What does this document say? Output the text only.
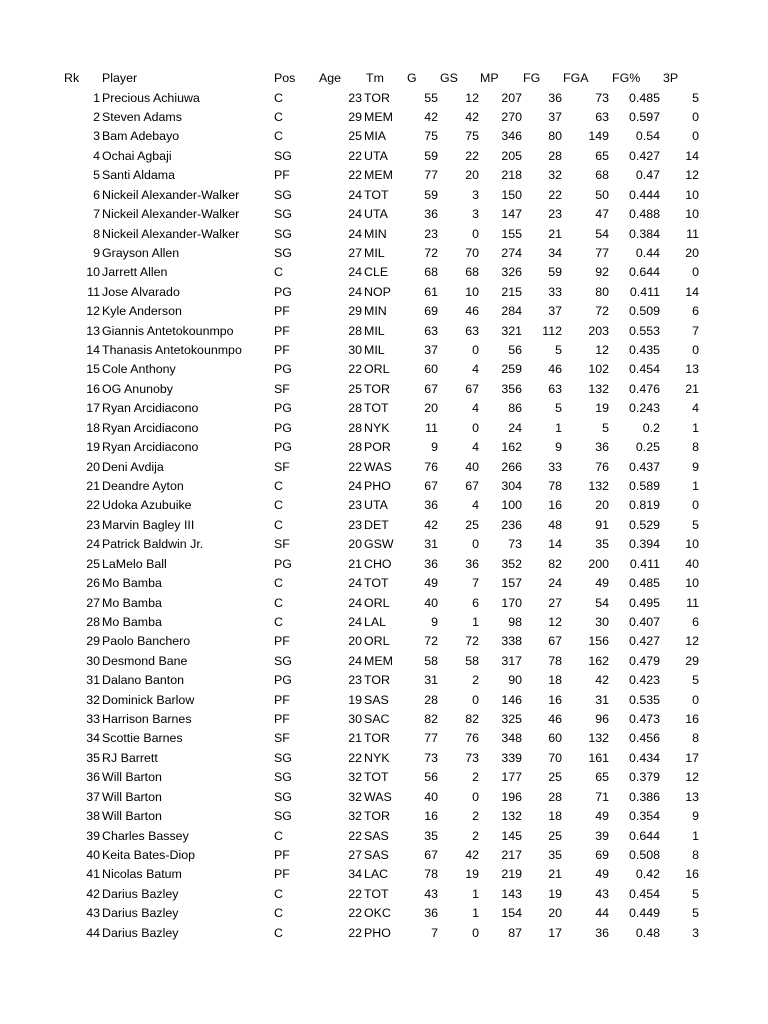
Rk Player	Pos Age Tm G GS MP FG FGA FG% 3P
1 Precious Achiuwa	C	23 TOR	55 12 207 36	73 0.485	5
2 Steven Adams	C	29 MEM	42 42 270 37	63 0.597	0
3 Bam Adebayo	C	25 MIA	75 75 346 80 149 0.54	0
4 Ochai Agbaji	SG	22 UTA	59 22 205 28	65 0.427 14
5 Santi Aldama	PF	22 MEM	77 20 218 32	68 0.47 12
6 Nickeil Alexander-Walker	SG	24 TOT	59	3 150 22	50 0.444 10
7 Nickeil Alexander-Walker	SG	24 UTA	36	3 147 23	47 0.488 10
8 Nickeil Alexander-Walker	SG	24 MIN	23	0 155 21	54 0.384 11
9 Grayson Allen	SG	27 MIL	72 70 274 34	77 0.44 20
10 Jarrett Allen	C	24 CLE	68 68 326 59	92 0.644	0
11 Jose Alvarado	PG	24 NOP	61 10 215 33	80 0.411 14
12 Kyle Anderson	PF	29 MIN	69 46 284 37	72 0.509	6
13 Giannis Antetokounmpo	PF	28 MIL	63 63 321 112 203 0.553	7
14 Thanasis Antetokounmpo	PF	30 MIL	37	0 56	5	12 0.435	0
15 Cole Anthony	PG	22 ORL	60	4 259 46 102 0.454 13
16 OG Anunoby	SF	25 TOR	67 67 356 63 132 0.476 21
17 Ryan Arcidiacono	PG	28 TOT	20	4 86	5	19 0.243	4
18 Ryan Arcidiacono	PG	28 NYK	11	0 24	1	5	0.2	1
19 Ryan Arcidiacono	PG	28 POR	9	4 162	9	36 0.25	8
20 Deni Avdija	SF	22 WAS	76 40 266 33	76 0.437	9
21 Deandre Ayton	C	24 PHO	67 67 304 78 132 0.589	1
22 Udoka Azubuike	C	23 UTA	36	4 100 16	20 0.819	0
23 Marvin Bagley III	C	23 DET	42 25 236 48	91 0.529	5
24 Patrick Baldwin Jr.	SF	20 GSW 31	0 73 14	35 0.394 10
25 LaMelo Ball	PG	21 CHO	36 36 352 82 200 0.411 40
26 Mo Bamba	C	24 TOT	49	7 157 24	49 0.485 10
27 Mo Bamba	C	24 ORL	40	6 170 27	54 0.495 11
28 Mo Bamba	C	24 LAL	9	1 98 12	30 0.407	6
29 Paolo Banchero	PF	20 ORL	72 72 338 67 156 0.427 12
30 Desmond Bane	SG	24 MEM	58 58 317 78 162 0.479 29
31 Dalano Banton	PG	23 TOR	31	2 90 18	42 0.423	5
32 Dominick Barlow	PF	19 SAS	28	0 146 16	31 0.535	0
33 Harrison Barnes	PF	30 SAC	82 82 325 46	96 0.473 16
34 Scottie Barnes	SF	21 TOR	77 76 348 60 132 0.456	8
35 RJ Barrett	SG	22 NYK	73 73 339 70 161 0.434 17
36 Will Barton	SG	32 TOT	56	2 177 25	65 0.379 12
37 Will Barton	SG	32 WAS	40	0 196 28	71 0.386 13
38 Will Barton	SG	32 TOR	16	2 132 18	49 0.354	9
39 Charles Bassey	C	22 SAS	35	2 145 25	39 0.644	1
40 Keita Bates-Diop	PF	27 SAS	67 42 217 35	69 0.508	8
41 Nicolas Batum	PF	34 LAC	78 19 219 21	49 0.42 16
42 Darius Bazley	C	22 TOT	43	1 143 19	43 0.454	5
43 Darius Bazley	C	22 OKC	36	1 154 20	44 0.449	5
44 Darius Bazley	C	22 PHO	7	0 87 17	36 0.48	3
